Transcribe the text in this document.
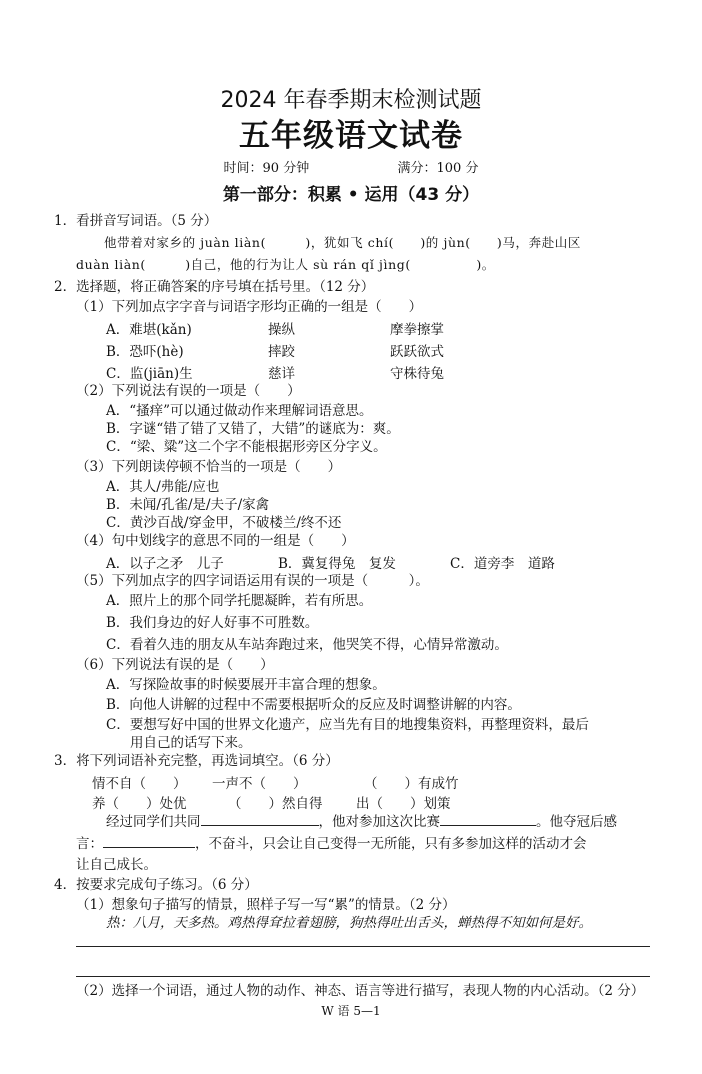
2024 年春季期末检测试题
五年级语文试卷
时间：90 分钟	满分：100 分
第一部分：积累 • 运用（43 分）
1．看拼音写词语。（5 分）
他带着对家乡的 juàn liàn(　　　)，犹如飞 chí(　　)的 jùn(　　)马，奔赴山区
duàn liàn(　　　)自己，他的行为让人 sù rán qǐ jìng(　　　　　)。
2．选择题，将正确答案的序号填在括号里。（12 分）
（1）下列加点字字音与词语字形均正确的一组是（　　）
A．难堪(kǎn)	操纵	摩拳擦掌
B．恐吓(hè)	摔跤	跃跃欲式
C．监(jiān)生	慈详	守株待兔
（2）下列说法有误的一项是（　　）
A．“搔痒”可以通过做动作来理解词语意思。
B．字谜“错了错了又错了，大错”的谜底为：爽。
C．“梁、粱”这二个字不能根据形旁区分字义。
（3）下列朗读停顿不恰当的一项是（　　）
A．其人/弗能/应也
B．未闻/孔雀/是/夫子/家禽
C．黄沙百战/穿金甲，不破楼兰/终不还
（4）句中划线字的意思不同的一组是（　　）
A．以子之矛　儿子	B．冀复得兔　复发	C．道旁李　道路
（5）下列加点字的四字词语运用有误的一项是（　　　）。
A．照片上的那个同学托腮凝眸，若有所思。
B．我们身边的好人好事不可胜数。
C．看着久违的朋友从车站奔跑过来，他哭笑不得，心情异常激动。
（6）下列说法有误的是（　　）
A．写探险故事的时候要展开丰富合理的想象。
B．向他人讲解的过程中不需要根据听众的反应及时调整讲解的内容。
C．要想写好中国的世界文化遗产，应当先有目的地搜集资料，再整理资料，最后
用自己的话写下来。
3．将下列词语补充完整，再选词填空。（6 分）
情不自（　　） 一声不（　　）	（　　）有成竹
养（　　）处优	（　　）然自得 出（　　）划策
经过同学们共同	，他对参加这次比赛	。他夺冠后感
言：	，不奋斗，只会让自己变得一无所能，只有多参加这样的活动才会
让自己成长。
4．按要求完成句子练习。（6 分）
（1）想象句子描写的情景，照样子写一写“累”的情景。（2 分）
热：八月，天多热。鸡热得耷拉着翅膀，狗热得吐出舌头，蝉热得不知如何是好。
（2）选择一个词语，通过人物的动作、神态、语言等进行描写，表现人物的内心活动。（2 分）
W 语 5—1
